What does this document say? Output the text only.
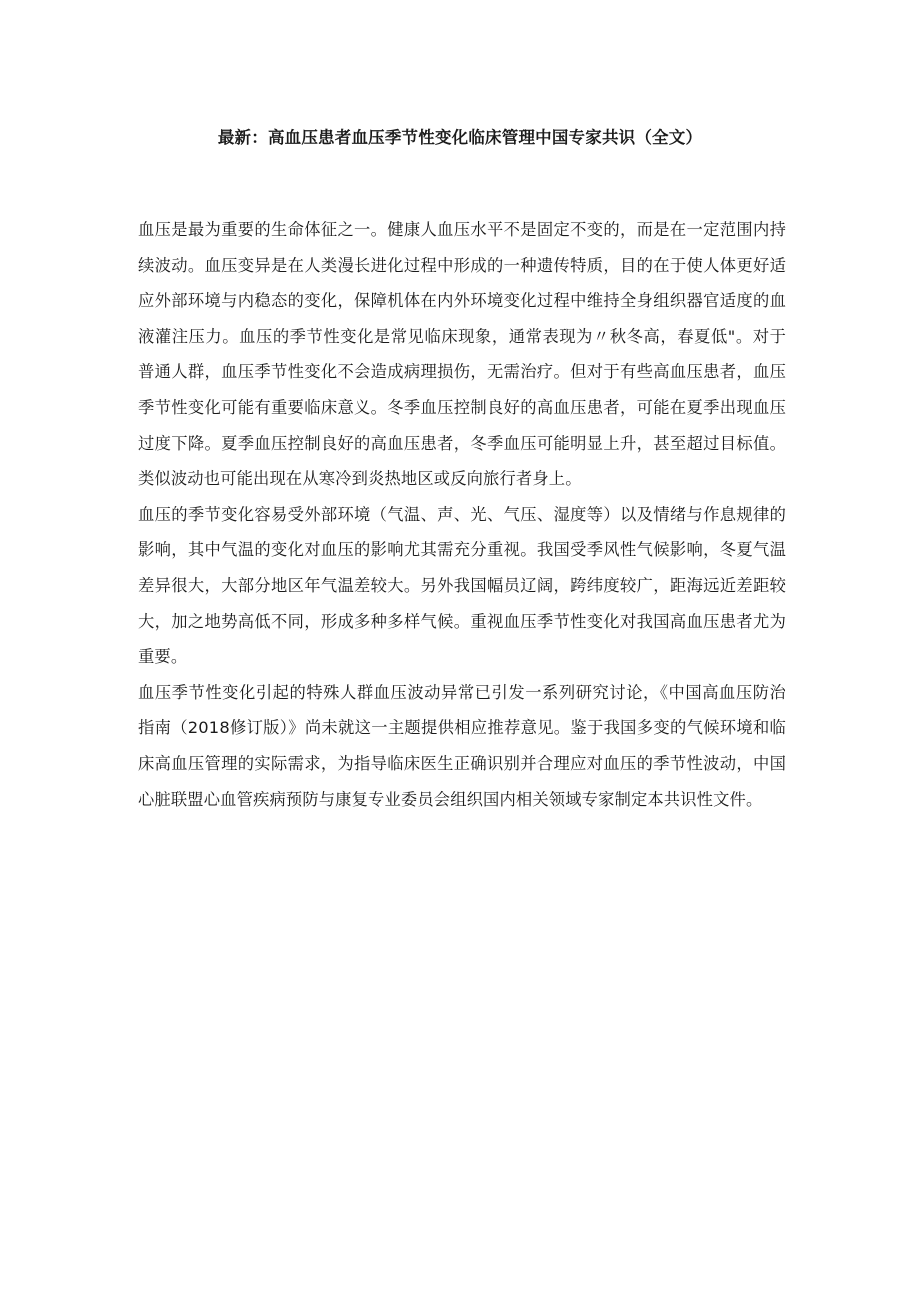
最新：高血压患者血压季节性变化临床管理中国专家共识（全文）

血压是最为重要的生命体征之一。健康人血压水平不是固定不变的，而是在一定范围内持续波动。血压变异是在人类漫长进化过程中形成的一种遗传特质，目的在于使人体更好适应外部环境与内稳态的变化，保障机体在内外环境变化过程中维持全身组织器官适度的血液灌注压力。血压的季节性变化是常见临床现象，通常表现为〃秋冬高，春夏低"。对于普通人群，血压季节性变化不会造成病理损伤，无需治疗。但对于有些高血压患者，血压季节性变化可能有重要临床意义。冬季血压控制良好的高血压患者，可能在夏季出现血压过度下降。夏季血压控制良好的高血压患者，冬季血压可能明显上升，甚至超过目标值。类似波动也可能出现在从寒冷到炎热地区或反向旅行者身上。

血压的季节变化容易受外部环境（气温、声、光、气压、湿度等）以及情绪与作息规律的影响，其中气温的变化对血压的影响尤其需充分重视。我国受季风性气候影响，冬夏气温差异很大，大部分地区年气温差较大。另外我国幅员辽阔，跨纬度较广，距海远近差距较大，加之地势高低不同，形成多种多样气候。重视血压季节性变化对我国高血压患者尤为重要。

血压季节性变化引起的特殊人群血压波动异常已引发一系列研究讨论，《中国高血压防治指南（2018修订版）》尚未就这一主题提供相应推荐意见。鉴于我国多变的气候环境和临床高血压管理的实际需求，为指导临床医生正确识别并合理应对血压的季节性波动，中国心脏联盟心血管疾病预防与康复专业委员会组织国内相关领域专家制定本共识性文件。
